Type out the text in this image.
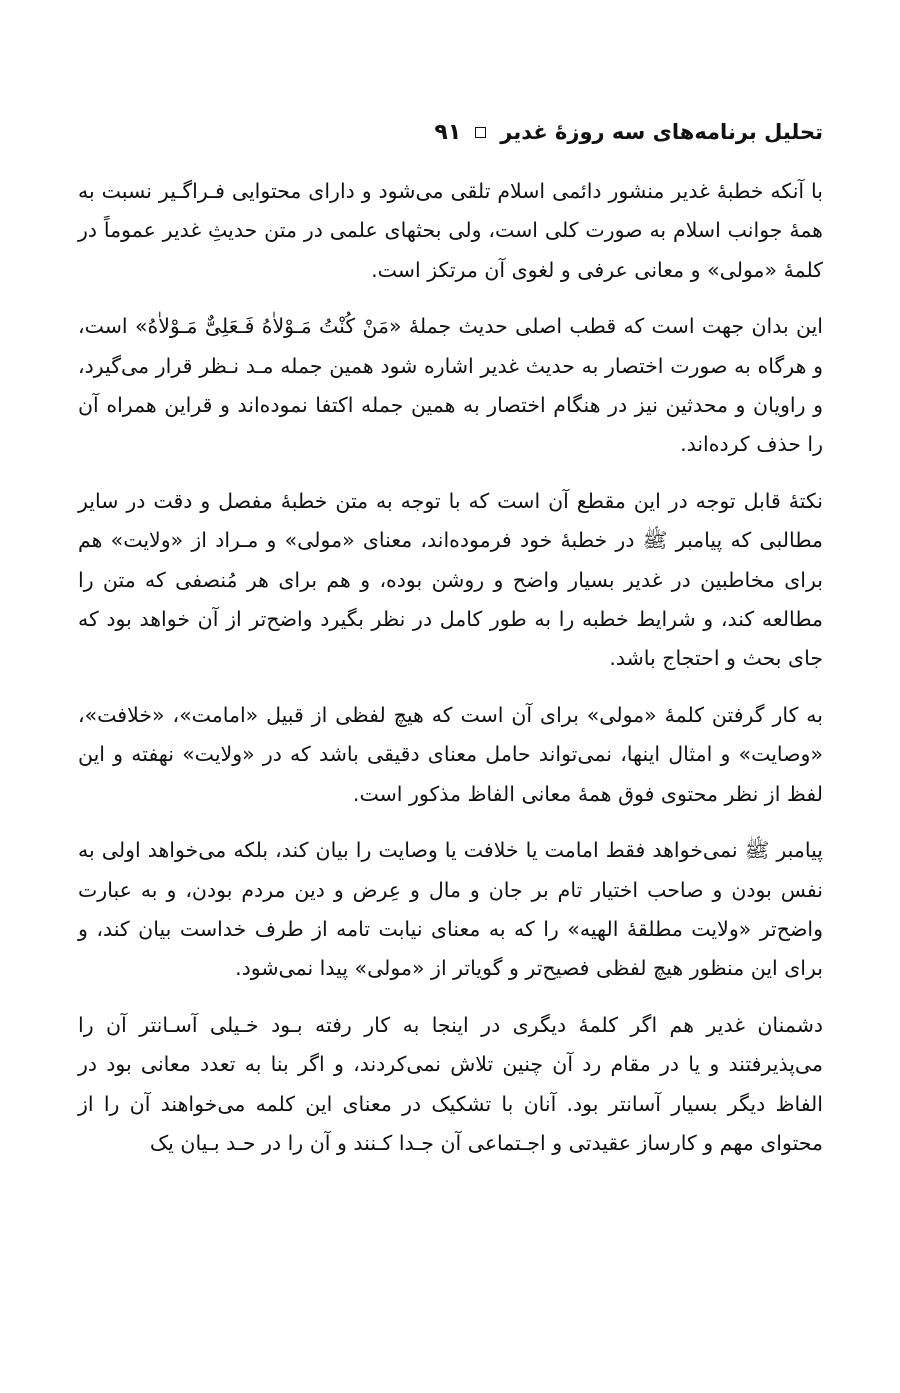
تحلیل برنامه‌های سه روزهٔ غدیر
۹۱

با آنکه خطبهٔ غدیر منشور دائمی اسلام تلقی می‌شود و دارای محتوایی فـراگـیر نسبت به همهٔ جوانب اسلام به صورت کلی است، ولی بحثهای علمی در متن حدیثِ غدیر عموماً در کلمهٔ «مولی» و معانی عرفی و لغوی آن مرتکز است.

این بدان جهت است که قطب اصلی حدیث جملهٔ «مَنْ کُنْتُ مَـوْلاٰهُ فَـعَلِیٌّ مَـوْلاٰهُ» است، و هرگاه به صورت اختصار به حدیث غدیر اشاره شود همین جمله مـد نـظر قرار می‌گیرد، و راویان و محدثین نیز در هنگام اختصار به همین جمله اکتفا نموده‌اند و قراین همراه آن را حذف کرده‌اند.

نکتهٔ قابل توجه در این مقطع آن است که با توجه به متن خطبهٔ مفصل و دقت در سایر مطالبی که پیامبر ﷺ در خطبهٔ خود فرموده‌اند، معنای «مولی» و مـراد از «ولایت» هم برای مخاطبین در غدیر بسیار واضح و روشن بوده، و هم برای هر مُنصفی که متن را مطالعه کند، و شرایط خطبه را به طور کامل در نظر بگیرد واضح‌تر از آن خواهد بود که جای بحث و احتجاج باشد.

به کار گرفتن کلمهٔ «مولی» برای آن است که هیچ لفظی از قبیل «امامت»، «خلافت»، «وصایت» و امثال اینها، نمی‌تواند حامل معنای دقیقی باشد که در «ولایت» نهفته و این لفظ از نظر محتوی فوق همهٔ معانی الفاظ مذکور است.

پیامبر ﷺ نمی‌خواهد فقط امامت یا خلافت یا وصایت را بیان کند، بلکه می‌خواهد اولی به نفس بودن و صاحب اختیار تام بر جان و مال و عِرض و دین مردم بودن، و به عبارت واضح‌تر «ولایت مطلقهٔ الهیه» را که به معنای نیابت تامه از طرف خداست بیان کند، و برای این منظور هیچ لفظی فصیح‌تر و گویاتر از «مولی» پیدا نمی‌شود.

دشمنان غدیر هم اگر کلمهٔ دیگری در اینجا به کار رفته بـود خـیلی آسـانتر آن را می‌پذیرفتند و یا در مقام رد آن چنین تلاش نمی‌کردند، و اگر بنا به تعدد معانی بود در الفاظ دیگر بسیار آسانتر بود. آنان با تشکیک در معنای این کلمه می‌خواهند آن را از محتوای مهم و کارساز عقیدتی و اجـتماعی آن جـدا کـنند و آن را در حـد بـیان یک
